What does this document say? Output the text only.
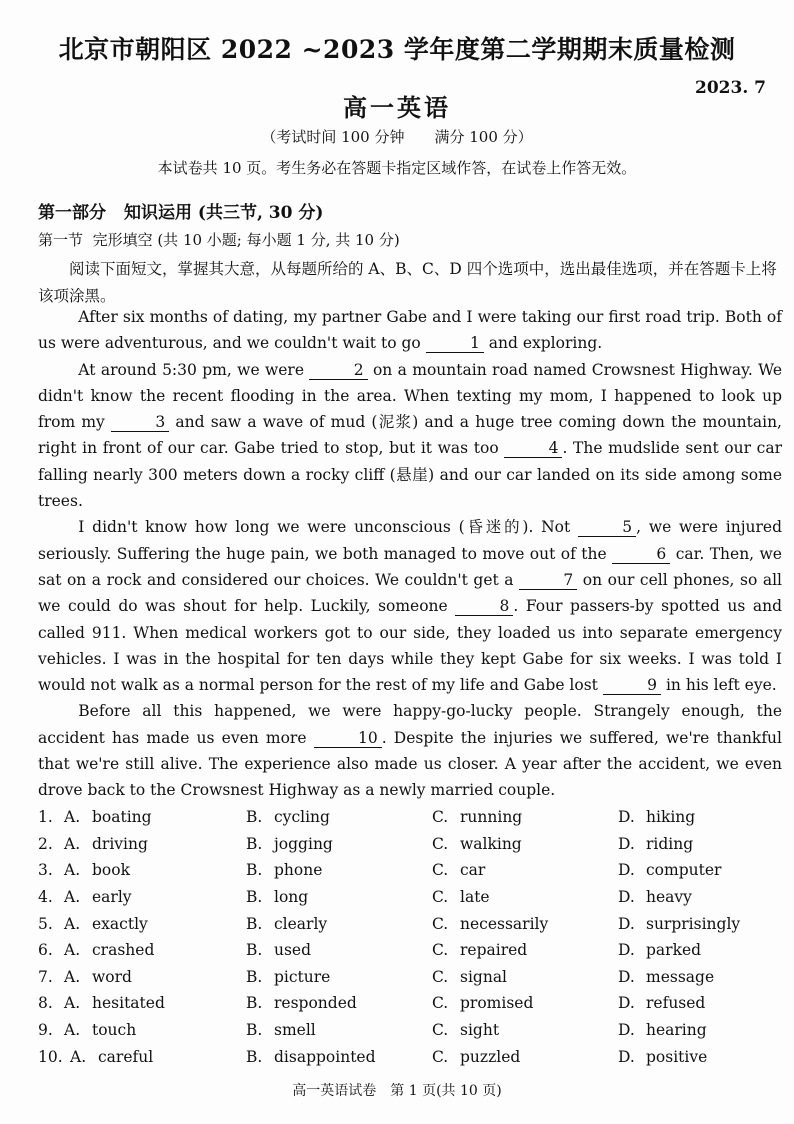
北京市朝阳区 2022 ~2023 学年度第二学期期末质量检测
2023. 7
高一英语
（考试时间 100 分钟　　满分 100 分）
本试卷共 10 页。考生务必在答题卡指定区域作答，在试卷上作答无效。
第一部分 知识运用 (共三节, 30 分)
第一节 完形填空 (共 10 小题; 每小题 1 分, 共 10 分)
阅读下面短文，掌握其大意，从每题所给的 A、B、C、D 四个选项中，选出最佳选项，并在答题卡上将该项涂黑。

After six months of dating, my partner Gabe and I were taking our first road trip. Both of us were adventurous, and we couldn't wait to go	1 and exploring.

At around 5:30 pm, we were	2 on a mountain road named Crowsnest Highway. We didn't know the recent flooding in the area. When texting my mom, I happened to look up from my	3 and saw a wave of mud (泥浆) and a huge tree coming down the mountain, right in front of our car. Gabe tried to stop, but it was too	4 . The mudslide sent our car falling nearly 300 meters down a rocky cliff (悬崖) and our car landed on its side among some trees.

I didn't know how long we were unconscious (昏迷的). Not	5 , we were injured seriously. Suffering the huge pain, we both managed to move out of the	6 car. Then, we sat on a rock and considered our choices. We couldn't get a	7 on our cell phones, so all we could do was shout for help. Luckily, someone	8 . Four passers-by spotted us and called 911. When medical workers got to our side, they loaded us into separate emergency vehicles. I was in the hospital for ten days while they kept Gabe for six weeks. I was told I would not walk as a normal person for the rest of my life and Gabe lost	9 in his left eye.

Before all this happened, we were happy-go-lucky people. Strangely enough, the accident has made us even more	10 . Despite the injuries we suffered, we're thankful that we're still alive. The experience also made us closer. A year after the accident, we even drove back to the Crowsnest Highway as a newly married couple.

1. A. boating	B. cycling	C. running	D. hiking
2. A. driving	B. jogging	C. walking	D. riding
3. A. book	B. phone	C. car	D. computer
4. A. early	B. long	C. late	D. heavy
5. A. exactly	B. clearly	C. necessarily	D. surprisingly
6. A. crashed	B. used	C. repaired	D. parked
7. A. word	B. picture	C. signal	D. message
8. A. hesitated	B. responded	C. promised	D. refused
9. A. touch	B. smell	C. sight	D. hearing
10. A. careful	B. disappointed	C. puzzled	D. positive
高一英语试卷　第 1 页(共 10 页)
